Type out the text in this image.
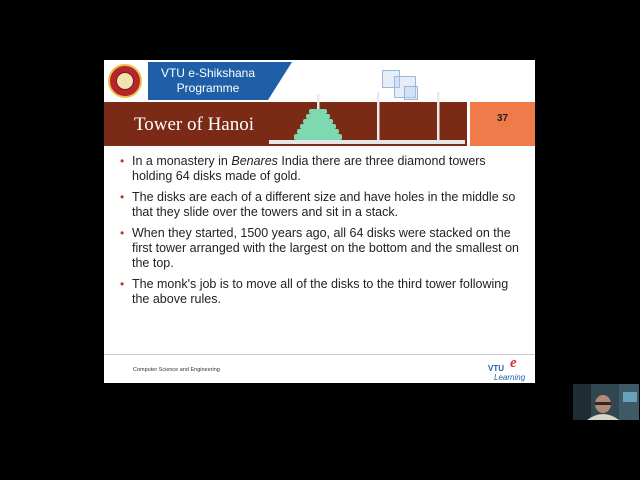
VTU e-Shikshana
Programme
Tower of Hanoi	37
• In a monastery in Benares India there are three diamond towers holding 64 disks made of gold.
• The disks are each of a different size and have holes in the middle so that they slide over the towers and sit in a stack.
• When they started, 1500 years ago, all 64 disks were stacked on the first tower arranged with the largest on the bottom and the smallest on the top.
• The monk's job is to move all of the disks to the third tower following the above rules.
Computer Science and Engineering	VTU e
Learning
